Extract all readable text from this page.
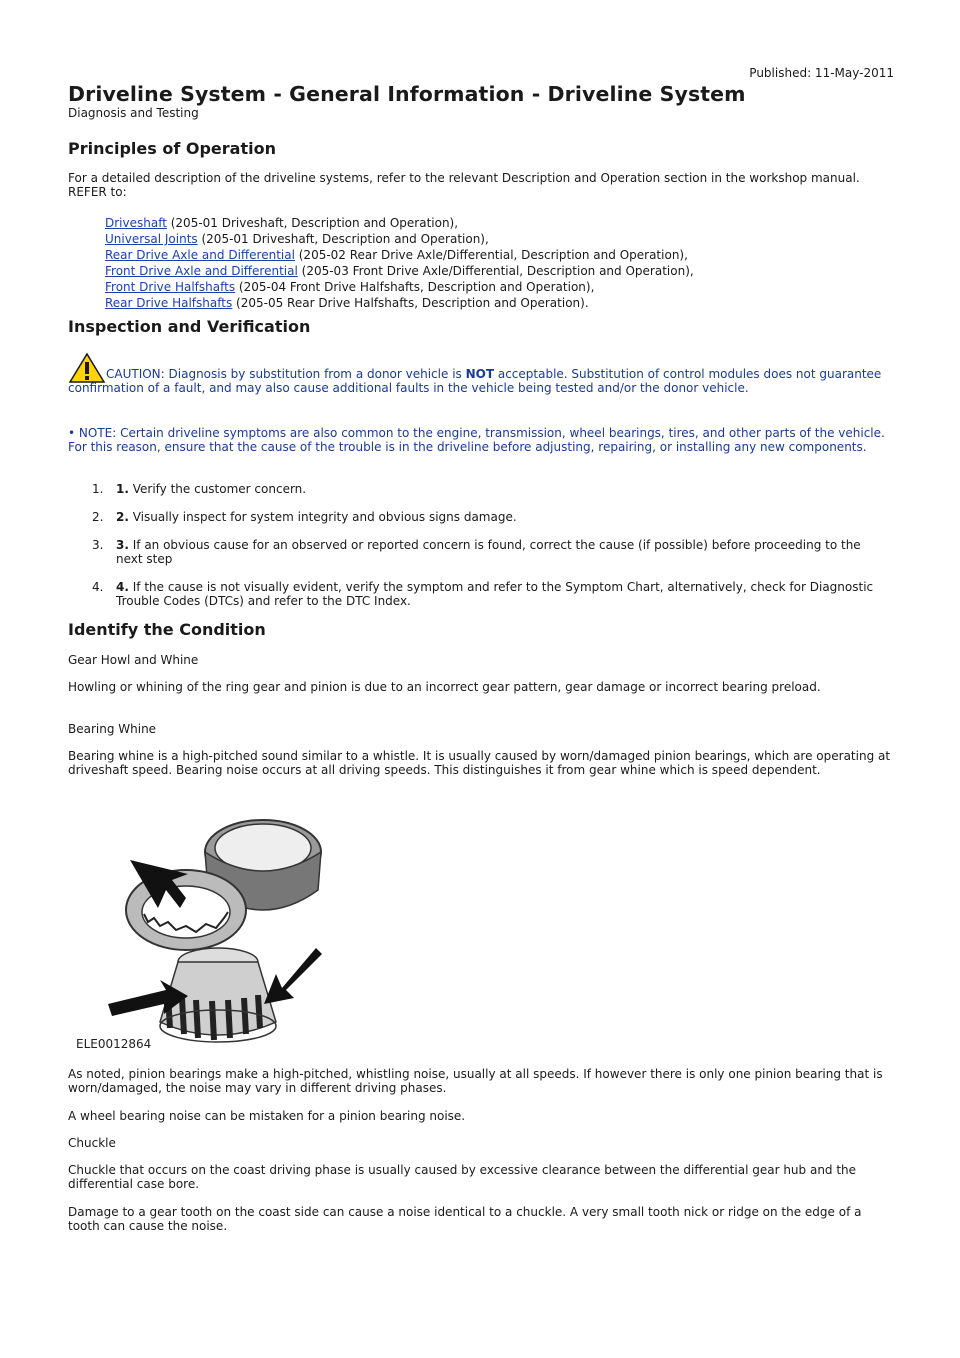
Published: 11-May-2011
Driveline System - General Information - Driveline System
Diagnosis and Testing
Principles of Operation
For a detailed description of the driveline systems, refer to the relevant Description and Operation section in the workshop manual. REFER to:
Driveshaft (205-01 Driveshaft, Description and Operation),
Universal Joints (205-01 Driveshaft, Description and Operation),
Rear Drive Axle and Differential (205-02 Rear Drive Axle/Differential, Description and Operation),
Front Drive Axle and Differential (205-03 Front Drive Axle/Differential, Description and Operation),
Front Drive Halfshafts (205-04 Front Drive Halfshafts, Description and Operation),
Rear Drive Halfshafts (205-05 Rear Drive Halfshafts, Description and Operation).
Inspection and Verification
CAUTION: Diagnosis by substitution from a donor vehicle is NOT acceptable. Substitution of control modules does not guarantee confirmation of a fault, and may also cause additional faults in the vehicle being tested and/or the donor vehicle.
• NOTE: Certain driveline symptoms are also common to the engine, transmission, wheel bearings, tires, and other parts of the vehicle. For this reason, ensure that the cause of the trouble is in the driveline before adjusting, repairing, or installing any new components.
1. 1. Verify the customer concern.
2. 2. Visually inspect for system integrity and obvious signs damage.
3. 3. If an obvious cause for an observed or reported concern is found, correct the cause (if possible) before proceeding to the next step
4. 4. If the cause is not visually evident, verify the symptom and refer to the Symptom Chart, alternatively, check for Diagnostic Trouble Codes (DTCs) and refer to the DTC Index.
Identify the Condition
Gear Howl and Whine
Howling or whining of the ring gear and pinion is due to an incorrect gear pattern, gear damage or incorrect bearing preload.
Bearing Whine
Bearing whine is a high-pitched sound similar to a whistle. It is usually caused by worn/damaged pinion bearings, which are operating at driveshaft speed. Bearing noise occurs at all driving speeds. This distinguishes it from gear whine which is speed dependent.
ELE0012864
As noted, pinion bearings make a high-pitched, whistling noise, usually at all speeds. If however there is only one pinion bearing that is worn/damaged, the noise may vary in different driving phases.
A wheel bearing noise can be mistaken for a pinion bearing noise.
Chuckle
Chuckle that occurs on the coast driving phase is usually caused by excessive clearance between the differential gear hub and the differential case bore.
Damage to a gear tooth on the coast side can cause a noise identical to a chuckle. A very small tooth nick or ridge on the edge of a tooth can cause the noise.
